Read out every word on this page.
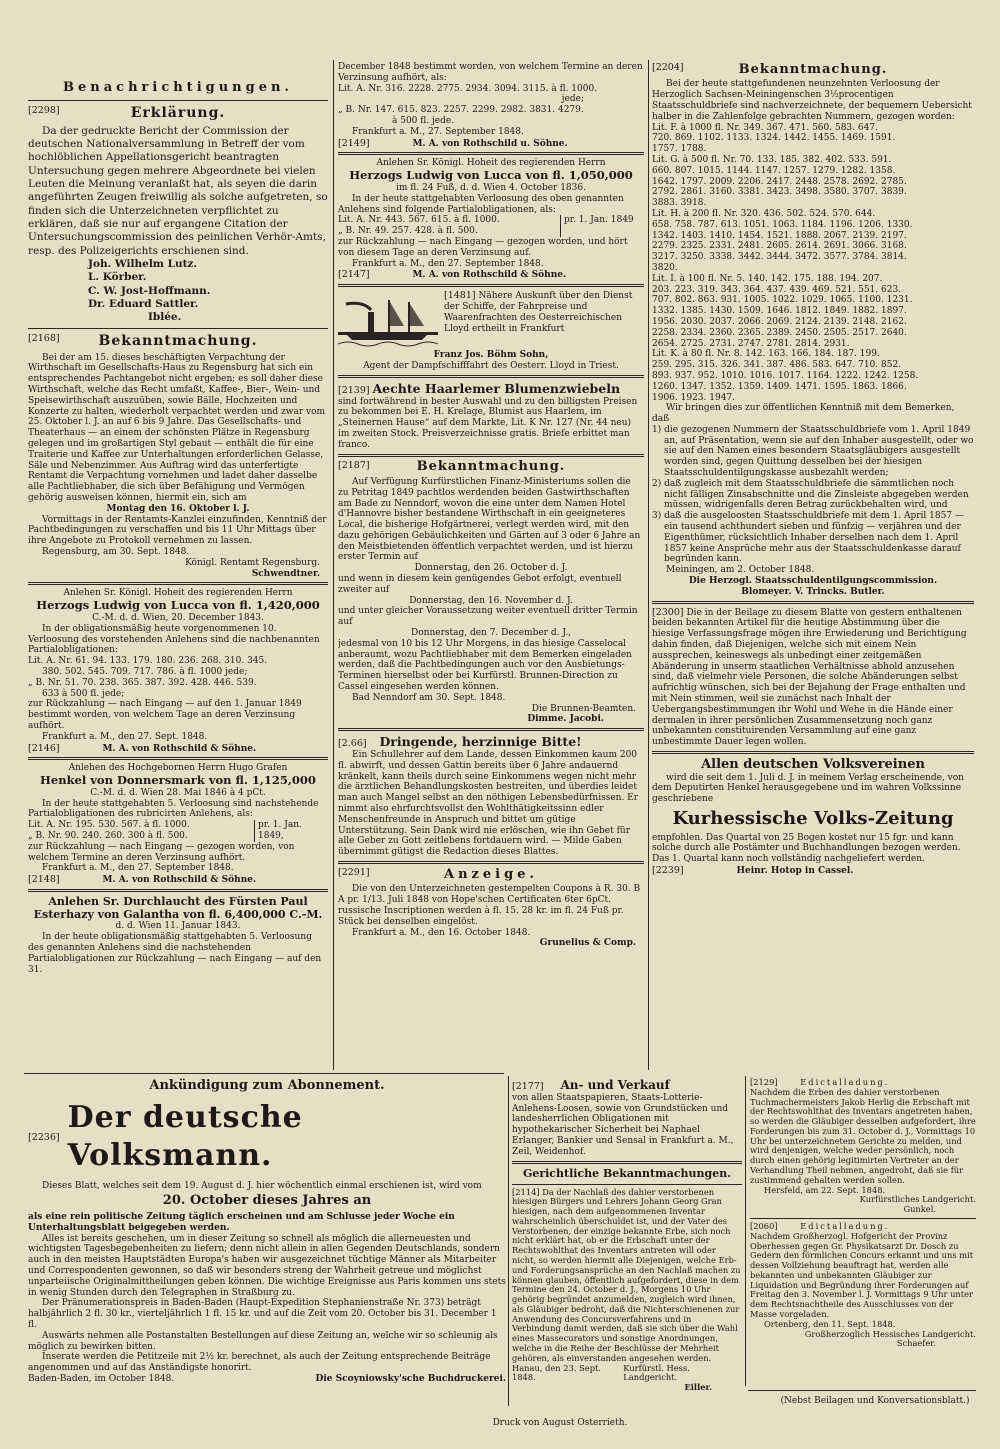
Benachrichtigungen.
[2298]	Erklärung.
Da der gedruckte Bericht der Commission der deutschen Nationalversammlung in Betreff der vom hochlöblichen Appellationsgericht beantragten Untersuchung gegen mehrere Abgeordnete bei vielen Leuten die Meinung veranlaßt hat, als seyen die darin angeführten Zeugen freiwillig als solche aufgetreten, so finden sich die Unterzeichneten verpflichtet zu erklären, daß sie nur auf ergangene Citation der Untersuchungscommission des peinlichen Verhör-Amts, resp. des Polizeigerichts erschienen sind.
Joh. Wilhelm Lutz.
L. Körber.
C. W. Jost-Hoffmann.
Dr. Eduard Sattler.
Iblée.
[2168]	Bekanntmachung.
Bei der am 15. dieses beschäftigten Verpachtung der Wirthschaft im Gesellschafts-Haus zu Regensburg hat sich ein entsprechendes Pachtangebot nicht ergeben; es soll daher diese Wirthschaft, welche das Recht umfaßt, Kaffee-, Bier-, Wein- und Speisewirthschaft auszuüben, sowie Bälle, Hochzeiten und Konzerte zu halten, wiederholt verpachtet werden und zwar vom 25. Oktober l. J. an auf 6 bis 9 Jahre. Das Gesellschafts- und Theaterhaus — an einem der schönsten Plätze in Regensburg gelegen und im großartigen Styl gebaut — enthält die für eine Traiterie und Kaffee zur Unterhaltungen erforderlichen Gelasse, Säle und Nebenzimmer. Aus Auftrag wird das unterfertigte Rentamt die Verpachtung vornehmen und ladet daher dasselbe alle Pachtliebhaber, die sich über Befähigung und Vermögen gehörig ausweisen können, hiermit ein, sich am
Montag den 16. Oktober l. J.
Vormittags in der Rentamts-Kanzlei einzufinden, Kenntniß der Pachtbedingungen zu verschaffen und bis 11 Uhr Mittags über ihre Angebote zu Protokoll vernehmen zu lassen.
Regensburg, am 30. Sept. 1848.
Königl. Rentamt Regensburg.
Schwendtner.
Anlehen Sr. Königl. Hoheit des regierenden Herrn
Herzogs Ludwig von Lucca von fl. 1,420,000
C.-M. d. d. Wien, 20. December 1843.
In der obligationsmäßig heute vorgenommenen 10. Verloosung des vorstehenden Anlehens sind die nachbenannten Partialobligationen:
Lit. A. Nr. 61. 94. 133. 179. 180. 236. 268. 310. 345.
380. 502. 545. 709. 717. 786. à fl. 1000 jede;
„ B. Nr. 51. 70. 238. 365. 387. 392. 428. 446. 539.
633 à 500 fl. jede;
zur Rückzahlung — nach Eingang — auf den 1. Januar 1849 bestimmt worden, von welchem Tage an deren Verzinsung aufhört.
Frankfurt a. M., den 27. Sept. 1848.
[2146]	M. A. von Rothschild & Söhne.
Anlehen des Hochgebornen Herrn Hugo Grafen
Henkel von Donnersmark von fl. 1,125,000
C.-M. d. d. Wien 28. Mai 1846 à 4 pCt.
In der heute stattgehabten 5. Verloosung sind nachstehende Partialobligationen des rubricirten Anlehens, als:
Lit. A. Nr. 195. 530. 567. à fl. 1000.
„ B. Nr. 90. 240. 260. 300 à fl. 500.
pr. 1. Jan. 1849,
zur Rückzahlung — nach Eingang — gezogen worden, von welchem Termine an deren Verzinsung aufhört.
Frankfurt a. M., den 27. September 1848.
[2148]	M. A. von Rothschild & Söhne.
Anlehen Sr. Durchlaucht des Fürsten Paul Esterhazy von Galantha von fl. 6,400,000 C.-M.
d. d. Wien 11. Januar 1843.
In der heute obligationsmäßig stattgehabten 5. Verloosung des genannten Anlehens sind die nachstehenden Partialobligationen zur Rückzahlung — nach Eingang — auf den 31.
December 1848 bestimmt worden, von welchem Termine an deren Verzinsung aufhört, als:
Lit. A. Nr. 316. 2228. 2775. 2934. 3094. 3115. à fl. 1000.
jede;
„ B. Nr. 147. 615. 823. 2257. 2299. 2982. 3831. 4279.
à 500 fl. jede.
Frankfurt a. M., 27. September 1848.
[2149]	M. A. von Rothschild u. Söhne.
Anlehen Sr. Königl. Hoheit des regierenden Herrn
Herzogs Ludwig von Lucca von fl. 1,050,000
im fl. 24 Fuß, d. d. Wien 4. October 1836.
In der heute stattgehabten Verloosung des oben genannten Anlehens sind folgende Partialobligationen, als:
Lit. A. Nr. 443. 567. 615. à fl. 1000.
„ B. Nr. 49. 257. 428. à fl. 500.
pr. 1. Jan. 1849
zur Rückzahlung — nach Eingang — gezogen worden, und hört von diesem Tage an deren Verzinsung auf.
Frankfurt a. M., den 27. September 1848.
[2147]	M. A. von Rothschild & Söhne.
[1481] Nähere Auskunft über den Dienst der Schiffe, der Fahrpreise und Waarenfrachten des Oesterreichischen Lloyd ertheilt in Frankfurt
Franz Jos. Böhm Sohn,
Agent der Dampfschifffahrt des Oesterr. Lloyd in Triest.
[2139] Aechte Haarlemer Blumenzwiebeln
sind fortwährend in bester Auswahl und zu den billigsten Preisen zu bekommen bei E. H. Krelage, Blumist aus Haarlem, im „Steinernen Hause“ auf dem Markte, Lit. K Nr. 127 (Nr. 44 neu) im zweiten Stock. Preisverzeichnisse gratis. Briefe erbittet man franco.
[2187]	Bekanntmachung.
Auf Verfügung Kurfürstlichen Finanz-Ministeriums sollen die zu Petritag 1849 pachtlos werdenden beiden Gastwirthschaften am Bade zu Nenndorf, wovon die eine unter dem Namen Hotel d'Hannovre bisher bestandene Wirthschaft in ein geeigneteres Local, die bisherige Hofgärtnerei, verlegt werden wird, mit den dazu gehörigen Gebäulichkeiten und Gärten auf 3 oder 6 Jahre an den Meistbietenden öffentlich verpachtet werden, und ist hierzu erster Termin auf
Donnerstag, den 26. October d. J.
und wenn in diesem kein genügendes Gebot erfolgt, eventuell zweiter auf
Donnerstag, den 16. November d. J.
und unter gleicher Voraussetzung weiter eventuell dritter Termin auf
Donnerstag, den 7. December d. J.,
jedesmal von 10 bis 12 Uhr Morgens, in das hiesige Casselocal anberaumt, wozu Pachtliebhaber mit dem Bemerken eingeladen werden, daß die Pachtbedingungen auch vor den Ausbietungs-Terminen hierselbst oder bei Kurfürstl. Brunnen-Direction zu Cassel eingesehen werden können.
Bad Nenndorf am 30. Sept. 1848.
Die Brunnen-Beamten.
Dimme. Jacobi.
[2.66] Dringende, herzinnige Bitte!
Ein Schullehrer auf dem Lande, dessen Einkommen kaum 200 fl. abwirft, und dessen Gattin bereits über 6 Jahre andauernd kränkelt, kann theils durch seine Einkommens wegen nicht mehr die ärztlichen Behandlungskosten bestreiten, und überdies leidet man auch Mangel selbst an den nöthigen Lebensbedürfnissen. Er nimmt also ehrfurchtsvollst den Wohlthätigkeitssinn edler Menschenfreunde in Anspruch und bittet um gütige Unterstützung. Sein Dank wird nie erlöschen, wie ihn Gebet für alle Geber zu Gott zeitlebens fortdauern wird. — Milde Gaben übernimmt gütigst die Redaction dieses Blattes.
[2291]	Anzeige.
Die von den Unterzeichneten gestempelten Coupons à R. 30. B A pr. 1/13. Juli 1848 von Hope'schen Certificaten 6ter 6pCt. russische Inscriptionen werden à fl. 15. 28 kr. im fl. 24 Fuß pr. Stück bei denselben eingelöst.
Frankfurt a. M., den 16. October 1848.
Grunelius & Comp.
[2204]	Bekanntmachung.
Bei der heute stattgefundenen neunzehnten Verloosung der Herzoglich Sachsen-Meiningenschen 3½procentigen Staatsschuldbriefe sind nachverzeichnete, der bequemern Uebersicht halber in die Zahlenfolge gebrachten Nummern, gezogen worden:
Lit. F. à 1000 fl. Nr. 349. 367. 471. 560. 583. 647.
720. 869. 1102. 1133. 1324. 1442. 1455. 1469. 1591.
1757. 1788.
Lit. G. à 500 fl. Nr. 70. 133. 185. 382. 402. 533. 591.
660. 807. 1015. 1144. 1147. 1257. 1279. 1282. 1358.
1642. 1797. 2009. 2206. 2417. 2448. 2578. 2692. 2785.
2792. 2861. 3160. 3381. 3423. 3498. 3580. 3707. 3839.
3883. 3918.
Lit. H. à 200 fl. Nr. 320. 436. 502. 524. 570. 644.
658. 758. 787. 613. 1051. 1063. 1184. 1196. 1206. 1330.
1342. 1403. 1410. 1454. 1521. 1888. 2067. 2139. 2197.
2279. 2325. 2331. 2481. 2605. 2614. 2691. 3066. 3168.
3217. 3250. 3338. 3442. 3444. 3472. 3577. 3784. 3814.
3820.
Lit. I. à 100 fl. Nr. 5. 140. 142. 175. 188. 194. 207.
203. 223. 319. 343. 364. 437. 439. 469. 521. 551. 623.
707. 802. 863. 931. 1005. 1022. 1029. 1065. 1100. 1231.
1332. 1385. 1430. 1509. 1646. 1812. 1849. 1882. 1897.
1956. 2030. 2037. 2066. 2069. 2124. 2139. 2148. 2162.
2258. 2334. 2360. 2365. 2389. 2450. 2505. 2517. 2640.
2654. 2725. 2731. 2747. 2781. 2814. 2931.
Lit. K. à 80 fl. Nr. 8. 142. 163. 166. 184. 187. 199.
259. 295. 315. 326. 341. 387. 486. 583. 647. 710. 852.
893. 937. 952. 1010. 1016. 1017. 1164. 1222. 1242. 1258.
1260. 1347. 1352. 1359. 1409. 1471. 1595. 1863. 1866.
1906. 1923. 1947.
Wir bringen dies zur öffentlichen Kenntniß mit dem Bemerken, daß
1) die gezogenen Nummern der Staatsschuldbriefe vom 1. April 1849 an, auf Präsentation, wenn sie auf den Inhaber ausgestellt, oder wo sie auf den Namen eines besondern Staatsgläubigers ausgestellt worden sind, gegen Quittung desselben bei der hiesigen Staatsschuldentilgungskasse ausbezahlt werden;
2) daß zugleich mit dem Staatsschuldbriefe die sämmtlichen noch nicht fälligen Zinsabschnitte und die Zinsleiste abgegeben werden müssen, widrigenfalls deren Betrag zurückbehalten wird, und
3) daß die ausgeloosten Staatsschuldbriefe mit dem 1. April 1857 — ein tausend achthundert sieben und fünfzig — verjähren und der Eigenthümer, rücksichtlich Inhaber derselben nach dem 1. April 1857 keine Ansprüche mehr aus der Staatsschuldenkasse darauf begründen kann.
Meiningen, am 2. October 1848.
Die Herzogl. Staatsschuldentilgungscommission.
Blomeyer. V. Trincks. Butler.
[2300] Die in der Beilage zu diesem Blatte von gestern enthaltenen beiden bekannten Artikel für die heutige Abstimmung über die hiesige Verfassungsfrage mögen ihre Erwiederung und Berichtigung dahin finden, daß Diejenigen, welche sich mit einem Nein aussprechen, keineswegs als unbedingt einer zeitgemäßen Abänderung in unserm staatlichen Verhältnisse abhold anzusehen sind, daß vielmehr viele Personen, die solche Abänderungen selbst aufrichtig wünschen, sich bei der Bejahung der Frage enthalten und mit Nein stimmen, weil sie zunächst nach Inhalt der Uebergangsbestimmungen ihr Wohl und Wehe in die Hände einer dermalen in ihrer persönlichen Zusammensetzung noch ganz unbekannten constituirenden Versammlung auf eine ganz unbestimmte Dauer legen wollen.
Allen deutschen Volksvereinen
wird die seit dem 1. Juli d. J. in meinem Verlag erscheinende, von dem Deputirten Henkel herausgegebene und im wahren Volkssinne geschriebene
Kurhessische Volks-Zeitung
empfohlen. Das Quartal von 25 Bogen kostet nur 15 fgr. und kann solche durch alle Postämter und Buchhandlungen bezogen werden. Das 1. Quartal kann noch vollständig nachgeliefert werden.
[2239]	Heinr. Hotop in Cassel.
Ankündigung zum Abonnement.
[2236]
Der deutsche Volksmann.
Dieses Blatt, welches seit dem 19. August d. J. hier wöchentlich einmal erschienen ist, wird vom
20. October dieses Jahres an
als eine rein politische Zeitung täglich erscheinen und am Schlusse jeder Woche ein Unterhaltungsblatt beigegeben werden.
Alles ist bereits geschehen, um in dieser Zeitung so schnell als möglich die allerneuesten und wichtigsten Tagesbegebenheiten zu liefern; denn nicht allein in allen Gegenden Deutschlands, sondern auch in den meisten Hauptstädten Europa's haben wir ausgezeichnet tüchtige Männer als Mitarbeiter und Correspondenten gewonnen, so daß wir besonders streng der Wahrheit getreue und möglichst unparteiische Originalmittheilungen geben können. Die wichtige Ereignisse aus Paris kommen uns stets in wenig Stunden durch den Telegraphen in Straßburg zu.
Der Pränumerationspreis in Baden-Baden (Haupt-Expedition Stephanienstraße Nr. 373) beträgt halbjährlich 2 fl. 30 kr., vierteljährlich 1 fl. 15 kr. und auf die Zeit vom 20. October bis 31. December 1 fl.
Auswärts nehmen alle Postanstalten Bestellungen auf diese Zeitung an, welche wir so schleunig als möglich zu bewirken bitten.
Inserate werden die Petitzeile mit 2½ kr. berechnet, als auch der Zeitung entsprechende Beiträge angenommen und auf das Anständigste honorirt.
Baden-Baden, im October 1848.	Die Scoyniowsky'sche Buchdruckerei.
[2177] An- und Verkauf
von allen Staatspapieren, Staats-Lotterie-Anlehens-Loosen, sowie von Grundstücken und landesherrlichen Obligationen mit hypothekarischer Sicherheit bei Naphael Erlanger, Bankier und Sensal in Frankfurt a. M., Zeil, Weidenhof.
Gerichtliche Bekanntmachungen.
[2114] Da der Nachlaß des dahier verstorbenen hiesigen Bürgers und Lehrers Johann Georg Gran hiesigen, nach dem aufgenommenen Inventar wahrscheinlich überschuldet ist, und der Vater des Verstorbenen, der einzige bekannte Erbe, sich noch nicht erklärt hat, ob er die Erbschaft unter der Rechtswohlthat des Inventars antreten will oder nicht, so werden hiermit alle Diejenigen, welche Erb- und Forderungsansprüche an den Nachlaß machen zu können glauben, öffentlich aufgefordert, diese in dem Termine den 24. October d. J., Morgens 10 Uhr gehörig begründet anzumelden, zugleich wird ihnen, als Gläubiger bedroht, daß die Nichterschienenen zur Anwendung des Concursverfahrens und in Verbindung damit werden, daß sie sich über die Wahl eines Massecurators und sonstige Anordnungen, welche in die Reihe der Beschlüsse der Mehrheit gehören, als einverstanden angesehen werden.
Hanau, den 23. Sept. 1848.
Kurfürstl. Hess. Landgericht.
Eiller.
[2129]	Edictalladung.
Nachdem die Erben des dahier verstorbenen Tuchmachermeisters Jakob Herlig die Erbschaft mit der Rechtswohlthat des Inventars angetreten haben, so werden die Gläubiger desselben aufgefordert, ihre Forderungen bis zum 31. October d. J., Vormittags 10 Uhr bei unterzeichnetem Gerichte zu melden, und wird denjenigen, welche weder persönlich, noch durch einen gehörig legitimirten Vertreter an der Verhandlung Theil nehmen, angedroht, daß sie für zustimmend gehalten werden sollen.
Hersfeld, am 22. Sept. 1848.
Kurfürstliches Landgericht.
Gunkel.
[2060]	Edictalladung.
Nachdem Großherzogl. Hofgericht der Provinz Oberhessen gegen Gr. Physikatsarzt Dr. Dosch zu Gedern den förmlichen Concurs erkannt und uns mit dessen Vollziehung beauftragt hat, werden alle bekannten und unbekannten Gläubiger zur Liquidation und Begründung ihrer Forderungen auf Freitag den 3. November l. J. Vormittags 9 Uhr unter dem Rechtsnachtheile des Ausschlusses von der Masse vorgeladen.
Ortenberg, den 11. Sept. 1848.
Großherzoglich Hessisches Landgericht.
Schaefer.
(Nebst Beilagen und Konversationsblatt.)
Druck von August Osterrieth.
